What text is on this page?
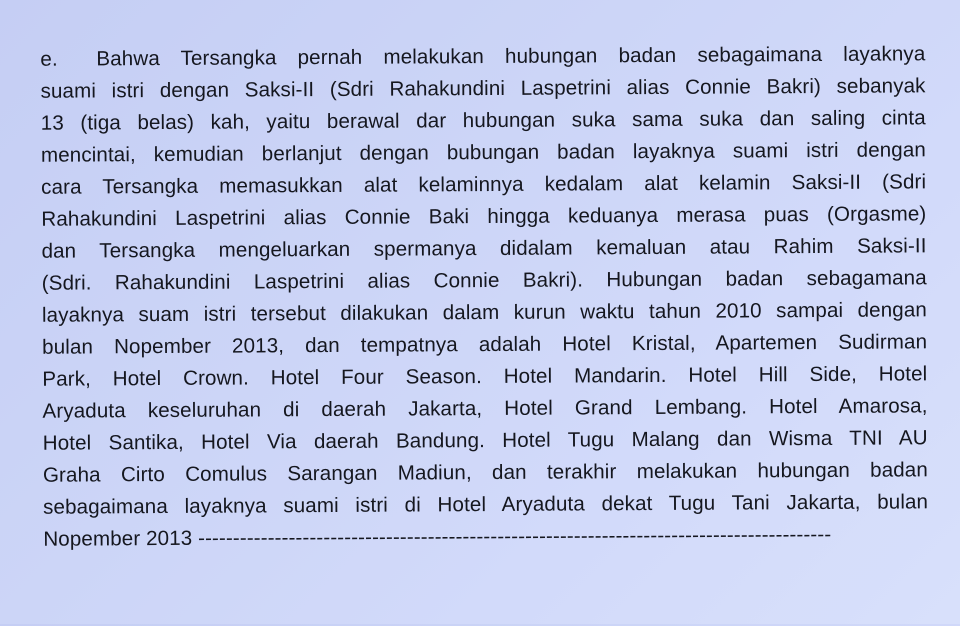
e. Bahwa Tersangka pernah melakukan hubungan badan sebagaimana layaknya
suami istri dengan Saksi-II (Sdri Rahakundini Laspetrini alias Connie Bakri) sebanyak
13 (tiga belas) kah, yaitu berawal dar hubungan suka sama suka dan saling cinta
mencintai, kemudian berlanjut dengan bubungan badan layaknya suami istri dengan
cara Tersangka memasukkan alat kelaminnya kedalam alat kelamin Saksi-II (Sdri
Rahakundini Laspetrini alias Connie Baki hingga keduanya merasa puas (Orgasme)
dan Tersangka mengeluarkan spermanya didalam kemaluan atau Rahim Saksi-II
(Sdri. Rahakundini Laspetrini alias Connie Bakri). Hubungan badan sebagamana
layaknya suam istri tersebut dilakukan dalam kurun waktu tahun 2010 sampai dengan
bulan Nopember 2013, dan tempatnya adalah Hotel Kristal, Apartemen Sudirman
Park, Hotel Crown. Hotel Four Season. Hotel Mandarin. Hotel Hill Side, Hotel
Aryaduta keseluruhan di daerah Jakarta, Hotel Grand Lembang. Hotel Amarosa,
Hotel Santika, Hotel Via daerah Bandung. Hotel Tugu Malang dan Wisma TNI AU
Graha Cirto Comulus Sarangan Madiun, dan terakhir melakukan hubungan badan
sebagaimana layaknya suami istri di Hotel Aryaduta dekat Tugu Tani Jakarta, bulan
Nopember 2013 -------------------------------------------------------------------------------------------
